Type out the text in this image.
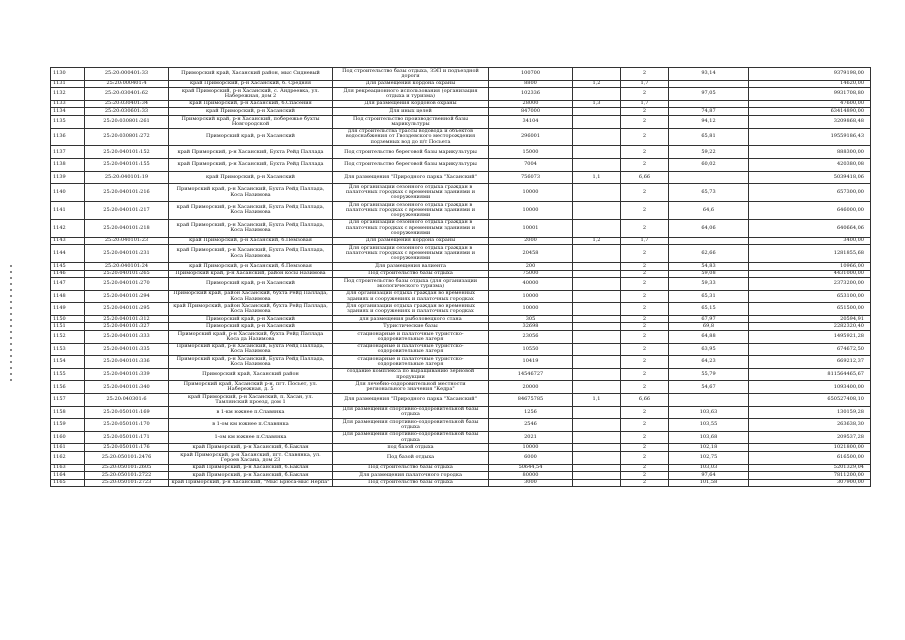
1130	25:20:000401:33	Приморский край, Хасанский район, мыс Сидневый	Под строительство базы отдыха, ЗЭП и подъездной дороги	100700		2	93,14	9379198,00
1131	25:20:000401:4	край Приморский, р-н Хасанский, б. Средняя	Для размещения кордона охраны	8800	1,2	1,7		14620,00
1132	25:20:030401:62	край Приморский, р-н Хасанский, с. Андреевка, ул. Набережная, дом 2	Для рекреационного использования (организация отдыха и туризма)	102336		2	97,05	9931708,80
1133	25:20:030401:34	край Приморский, р-н Хасанский, б.Спасения	Для размещения кордонов охраны	28000	1,3	1,7		47600,00
1134	25:20:030601:33	край Приморский, р-н Хасанский	Для иных целей	847000		2	74,87	63414890,00
1135	25:20:030801:261	Приморский край, р-н Хасанский, побережье бухты Новгородской	Под строительство производственной базы марикультуры	34104		2	94,12	3209868,48
1136	25:20:030801:272	Приморский край, р-н Хасанский	для строительства трассы водовода и объектов водоснабжения от Гвоздевского месторождения подземных вод до п/т Посьета	296001		2	65,81	19559186,43
1137	25:20:040101:152	край Приморский, р-н Хасанский, Бухта Рейд Паллада	Под строительство береговой базы марикультуры	15000		2	59,22	888300,00
1138	25:20:040101:155	край Приморский, р-н Хасанский, Бухта Рейд Паллада	Под строительство береговой базы марикультуры	7004		2	60,02	420380,08
1139	25:20:040101:19	край Приморский, р-н Хасанский	Для размещения "Природного парка "Хасанский"	756073	1,1	6,66		5039418,06
1140	25:20:040101:216	Приморский край, р-н Хасанский, Бухта Рейд Паллада, Коса Назимова	Для организации сезонного отдыха граждан в палаточных городках с временными зданиями и сооружениями	10000		2	65,73	657300,00
1141	25:20:040101:217	край Приморский, р-н Хасанский, Бухта Рейд Паллада, Коса Назимова	Для организации сезонного отдыха граждан в палаточных городках с временными зданиями и сооружениями	10000		2	64,6	646000,00
1142	25:20:040101:218	край Приморский, р-н Хасанский, Бухта Рейд Паллада, Коса Назимова	Для организации сезонного отдыха граждан в палаточных городках с временными зданиями и сооружениями	10001		2	64,06	640664,06
1143	25:20:040101:23	край Приморский, р-н Хасанский, б.Пемзовая	Для размещения кордона охраны	2000	1,2	1,7		3400,00
1144	25:20:040101:231	край Приморский, р-н Хасанский, Бухта Рейд Паллада, Коса Назимова	Для организации сезонного отдыха граждан в палаточных городках с временными зданиями и сооружениями	20458		2	62,66	1281855,68
1145	25:20:040101:24	край Приморский, р-н Хасанский, б.Пемзовая	Для размещения валиента	200		2	54,83	10966,00
1146	25:20:040101:265	Приморский край, р-н Хасанский, район косы Назимова	Под строительство базы отдыха	75000		2	59,08	4431000,00
1147	25:20:040101:270	Приморский край, р-н Хасанский	Под строительство базы отдыха (для организации экологического туризма)	40000		2	59,33	2373200,00
1148	25:20:040101:294	Приморский край, район Хасанский, бухта Рейд Паллада, Коса Назимова	Для организации отдыха граждан во временных зданиях и сооружениях и палаточных городках	10000		2	65,31	653100,00
1149	25:20:040101:295	край Приморский, район Хасанский, бухта Рейд Паллада, Коса Назимова	Для организации отдыха граждан во временных зданиях и сооружениях и палаточных городках	10000		2	65,15	651500,00
1150	25:20:040101:312	Приморский край, р-н Хасанский	для размещения рыболовецкого стана	305		2	67,97	20594,91
1151	25:20:040101:327	Приморский край, р-н Хасанский	Туристические базы	32698		2	69,8	2282320,40
1152	25:20:040101:333	Приморский край, р-н Хасанский, бухта Рейд Паллада Коса да Назимова	стационарные и палаточные туристско-оздоровительные лагеря	23056		2	64,88	1495921,28
1153	25:20:040101:335	Приморский край, р-н Хасанский, Бухта Рейд Паллада, Коса Назимова	стационарные и палаточные туристско-оздоровительные лагеря	10550		2	63,95	674672,50
1154	25:20:040101:336	Приморский край, р-н Хасанский, Бухта Рейд Паллада, Коса Назимова	стационарные и палаточные туристско-оздоровительные лагеря	10419		2	64,23	669212,37
1155	25:20:040101:339	Приморский край, Хасанский район	создание комплекса по выращиванию зерновой продукции	14546727		2	55,79	811564465,67
1156	25:20:040101:340	Приморский край, Хасанский р-н, пгт. Посьет, ул. Набережная, д. 5	Для лечебно-оздоровительной местности регионального значения "Кедра"	20000		2	54,67	1093400,00
1157	25:20:040301:6	край Приморский, р-н Хасанский, п. Хасан, ул. Тамлянский проезд, дом 1	Для размещения "Природного парка "Хасанский"	84675785	1,1	6,66		650527408,10
1158	25:20:050101:169	в 1-км южнее п.Славянка	Для размещения спортивно-оздоровительной базы отдыха	1256		2	103,63	130159,28
1159	25:20:050101:170	в 1-ом км южнее п.Славянка	Для размещения спортивно-оздоровительной базы отдыха	2546		2	103,55	263638,30
1160	25:20:050101:171	1-ом км южнее п.Славянка	Для размещения спортивно-оздоровительной базы отдыха	2021		2	103,68	209537,28
1161	25:20:050101:176	край Приморский, р-н Хасанский, б.Баклан	под базой отдыха	10000		2	102,18	1021800,00
1162	25:20:050101:2476	край Приморский, р-н Хасанский, пгт. Славянка, ул. Героев Хасана, дом 23	Под базой отдыха	6000		2	102,75	616500,00
1163	25:20:050101:2605	край Приморский, р-н Хасанский, б.Баклан	Под строительство базы отдыха	50644,54		2	103,03	5201329,04
1164	25:20:050101:2722	край Приморский, р-н Хасанский, б.Баклан	Для размещения палаточного городка	80000		2	97,64	7811200,00
1165	25:20:050101:2723	край Приморский, р-н Хасанский, "Мыс Брюса-мыс Нерпа"	Под строительство базы отдыха	3000		2	101,58	307900,00
